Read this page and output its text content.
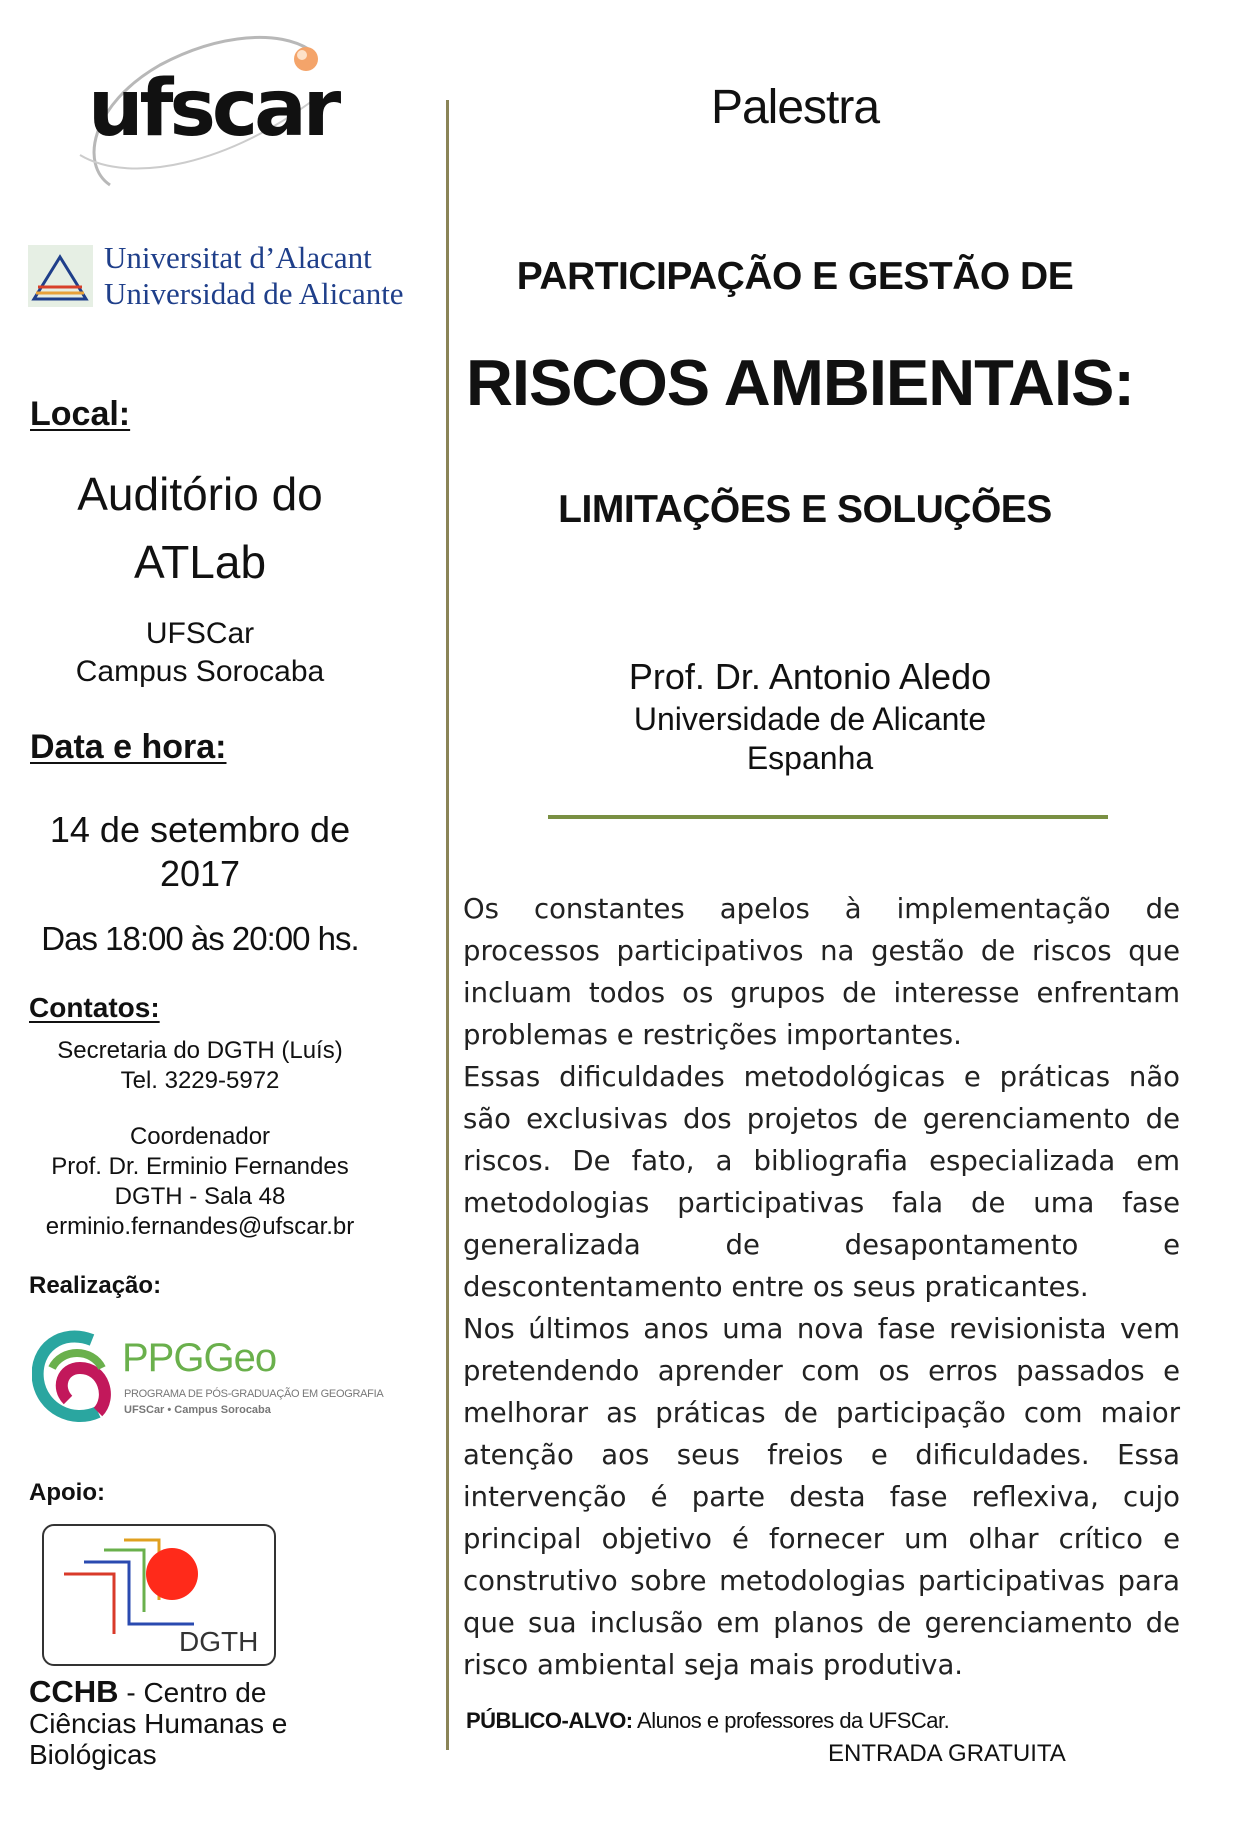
ufscar
Universitat d’Alacant
Universidad de Alicante
Local:
Auditório do
ATLab
UFSCar
Campus Sorocaba
Data e hora:
14 de setembro de
2017
Das 18:00 às 20:00 hs.
Contatos:
Secretaria do DGTH (Luís)
Tel. 3229-5972
Coordenador
Prof. Dr. Erminio Fernandes
DGTH - Sala 48
erminio.fernandes@ufscar.br
Realização:
PPGGeo
PROGRAMA DE PÓS-GRADUAÇÃO EM GEOGRAFIA
UFSCar • Campus Sorocaba
Apoio:
DGTH
CCHB - Centro de
Ciências Humanas e
Biológicas
Palestra
PARTICIPAÇÃO E GESTÃO DE
RISCOS AMBIENTAIS:
LIMITAÇÕES E SOLUÇÕES
Prof. Dr. Antonio Aledo
Universidade de Alicante
Espanha

Os constantes apelos à implementação de processos participativos na gestão de riscos que incluam todos os grupos de interesse enfrentam problemas e restrições importantes.

Essas dificuldades metodológicas e práticas não são exclusivas dos projetos de gerenciamento de riscos. De fato, a bibliografia especializada em metodologias participativas fala de uma fase generalizada de desapontamento e descontentamento entre os seus praticantes.

Nos últimos anos uma nova fase revisionista vem pretendendo aprender com os erros passados e melhorar as práticas de participação com maior atenção aos seus freios e dificuldades. Essa intervenção é parte desta fase reflexiva, cujo principal objetivo é fornecer um olhar crítico e construtivo sobre metodologias participativas para que sua inclusão em planos de gerenciamento de risco ambiental seja mais produtiva.

PÚBLICO-ALVO: Alunos e professores da UFSCar.
ENTRADA GRATUITA
